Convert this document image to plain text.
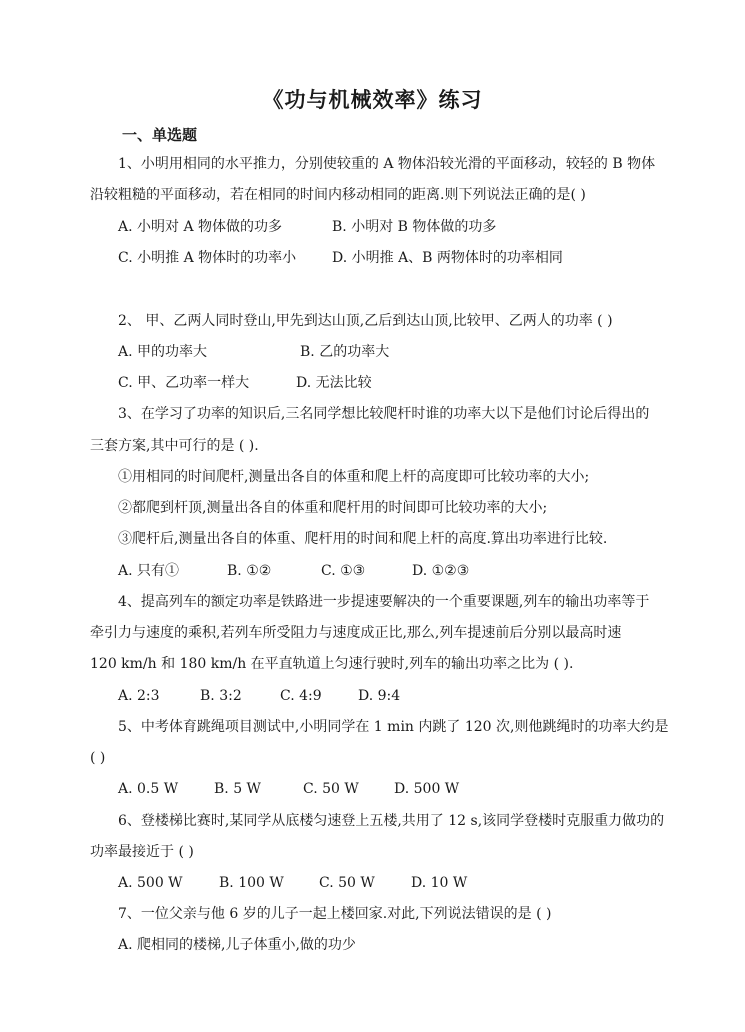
《功与机械效率》练习
一、单选题
1、小明用相同的水平推力，分别使较重的 A 物体沿较光滑的平面移动，较轻的 B 物体
沿较粗糙的平面移动，若在相同的时间内移动相同的距离.则下列说法正确的是( )
A. 小明对 A 物体做的功多	B. 小明对 B 物体做的功多
C. 小明推 A 物体时的功率小	D. 小明推 A、B 两物体时的功率相同
2、 甲、乙两人同时登山,甲先到达山顶,乙后到达山顶,比较甲、乙两人的功率 ( )
A. 甲的功率大	B. 乙的功率大
C. 甲、乙功率一样大	D. 无法比较
3、在学习了功率的知识后,三名同学想比较爬杆时谁的功率大以下是他们讨论后得出的
三套方案,其中可行的是 ( ).
①用相同的时间爬杆,测量出各自的体重和爬上杆的高度即可比较功率的大小;
②都爬到杆顶,测量出各自的体重和爬杆用的时间即可比较功率的大小;
③爬杆后,测量出各自的体重、爬杆用的时间和爬上杆的高度.算出功率进行比较.
A. 只有①	B. ①②	C. ①③	D. ①②③
4、提高列车的额定功率是铁路进一步提速要解决的一个重要课题,列车的输出功率等于
牵引力与速度的乘积,若列车所受阻力与速度成正比,那么,列车提速前后分别以最高时速
120 km/h 和 180 km/h 在平直轨道上匀速行驶时,列车的输出功率之比为 ( ).
A. 2:3	B. 3:2	C. 4:9	D. 9:4
5、中考体育跳绳项目测试中,小明同学在 1 min 内跳了 120 次,则他跳绳时的功率大约是
( )
A. 0.5 W	B. 5 W	C. 50 W	D. 500 W
6、登楼梯比赛时,某同学从底楼匀速登上五楼,共用了 12 s,该同学登楼时克服重力做功的
功率最接近于 ( )
A. 500 W	B. 100 W	C. 50 W	D. 10 W
7、一位父亲与他 6 岁的儿子一起上楼回家.对此,下列说法错误的是 ( )
A. 爬相同的楼梯,儿子体重小,做的功少
